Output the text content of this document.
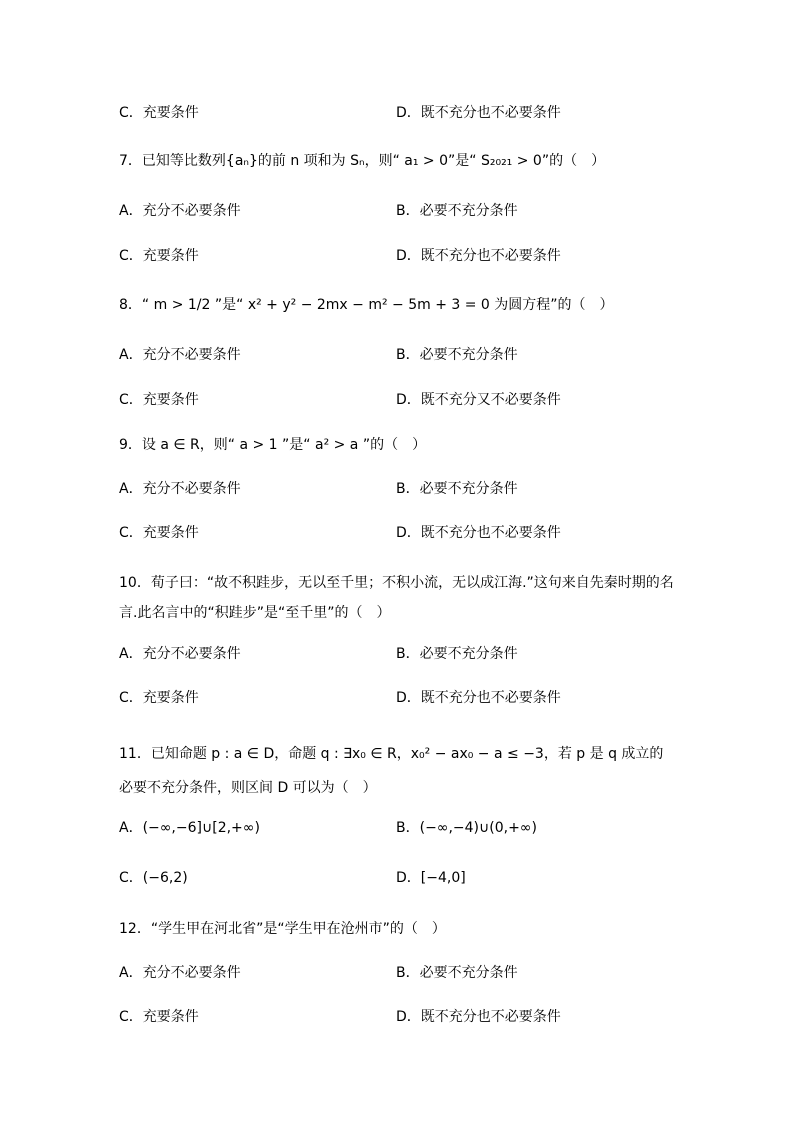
C．充要条件	D．既不充分也不必要条件
7．已知等比数列{aₙ}的前 n 项和为 Sₙ，则“ a₁ > 0”是“ S₂₀₂₁ > 0”的（　）
A．充分不必要条件	B．必要不充分条件
C．充要条件	D．既不充分也不必要条件
8．“ m > 1/2 ”是“ x² + y² − 2mx − m² − 5m + 3 = 0 为圆方程”的（　）
A．充分不必要条件	B．必要不充分条件
C．充要条件	D．既不充分又不必要条件
9．设 a ∈ R，则“ a > 1 ”是“ a² > a ”的（　）
A．充分不必要条件	B．必要不充分条件
C．充要条件	D．既不充分也不必要条件
10．荀子曰：“故不积跬步，无以至千里；不积小流，无以成江海.”这句来自先秦时期的名言.此名言中的“积跬步”是“至千里”的（　）
A．充分不必要条件	B．必要不充分条件
C．充要条件	D．既不充分也不必要条件
11．已知命题 p : a ∈ D，命题 q : ∃x₀ ∈ R，x₀² − ax₀ − a ≤ −3，若 p 是 q 成立的必要不充分条件，则区间 D 可以为（　）
A．(−∞,−6]∪[2,+∞)	B．(−∞,−4)∪(0,+∞)
C．(−6,2)	D．[−4,0]
12．“学生甲在河北省”是“学生甲在沧州市”的（　）
A．充分不必要条件	B．必要不充分条件
C．充要条件	D．既不充分也不必要条件
